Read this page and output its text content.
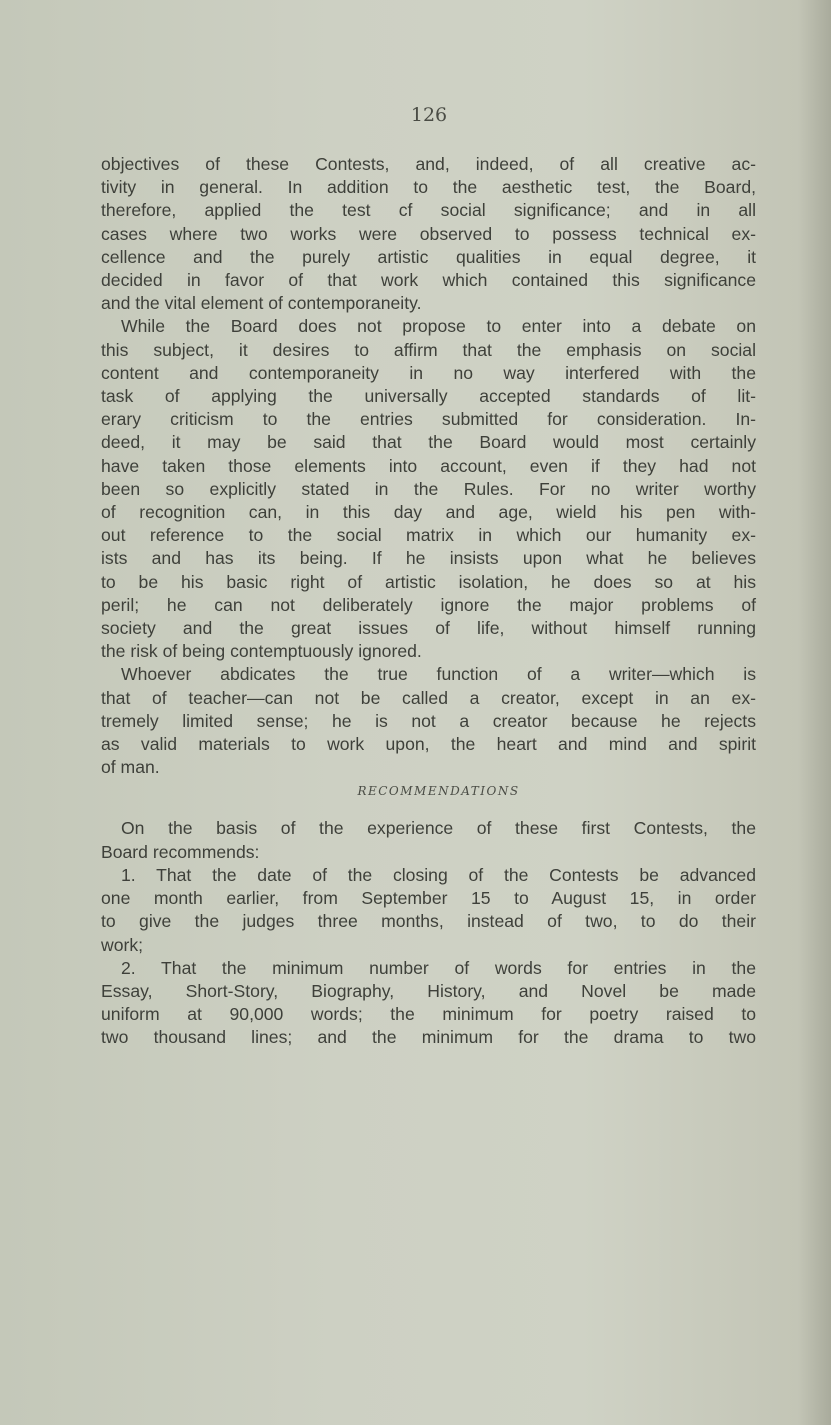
126
objectives of these Contests, and, indeed, of all creative ac-
tivity in general. In addition to the aesthetic test, the Board,
therefore, applied the test cf social significance; and in all
cases where two works were observed to possess technical ex-
cellence and the purely artistic qualities in equal degree, it
decided in favor of that work which contained this significance
and the vital element of contemporaneity.
While the Board does not propose to enter into a debate on
this subject, it desires to affirm that the emphasis on social
content and contemporaneity in no way interfered with the
task of applying the universally accepted standards of lit-
erary criticism to the entries submitted for consideration. In-
deed, it may be said that the Board would most certainly
have taken those elements into account, even if they had not
been so explicitly stated in the Rules. For no writer worthy
of recognition can, in this day and age, wield his pen with-
out reference to the social matrix in which our humanity ex-
ists and has its being. If he insists upon what he believes
to be his basic right of artistic isolation, he does so at his
peril; he can not deliberately ignore the major problems of
society and the great issues of life, without himself running
the risk of being contemptuously ignored.
Whoever abdicates the true function of a writer—which is
that of teacher—can not be called a creator, except in an ex-
tremely limited sense; he is not a creator because he rejects
as valid materials to work upon, the heart and mind and spirit
of man.
RECOMMENDATIONS
On the basis of the experience of these first Contests, the
Board recommends:
1. That the date of the closing of the Contests be advanced
one month earlier, from September 15 to August 15, in order
to give the judges three months, instead of two, to do their
work;
2. That the minimum number of words for entries in the
Essay, Short-Story, Biography, History, and Novel be made
uniform at 90,000 words; the minimum for poetry raised to
two thousand lines; and the minimum for the drama to two
